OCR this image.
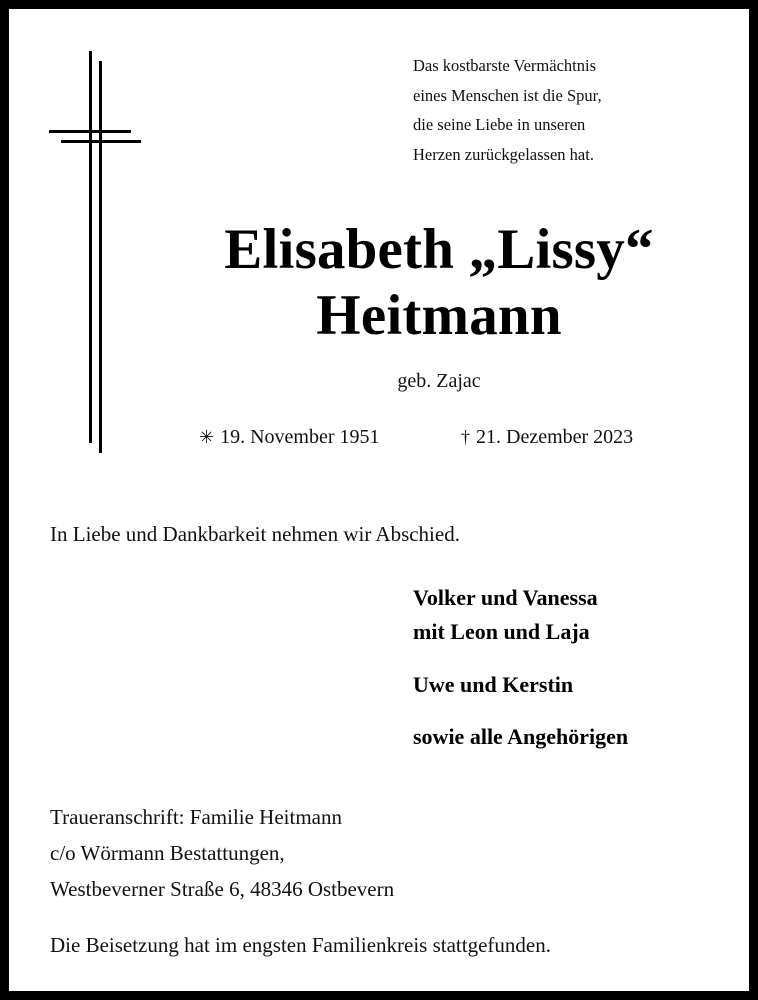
Das kostbarste Vermächtnis
eines Menschen ist die Spur,
die seine Liebe in unseren
Herzen zurückgelassen hat.
Elisabeth „Lissy“
Heitmann
geb. Zajac
✳ 19. November 1951	† 21. Dezember 2023
In Liebe und Dankbarkeit nehmen wir Abschied.
Volker und Vanessa
mit Leon und Laja
Uwe und Kerstin
sowie alle Angehörigen
Traueranschrift: Familie Heitmann
c/o Wörmann Bestattungen,
Westbeverner Straße 6, 48346 Ostbevern
Die Beisetzung hat im engsten Familienkreis stattgefunden.
